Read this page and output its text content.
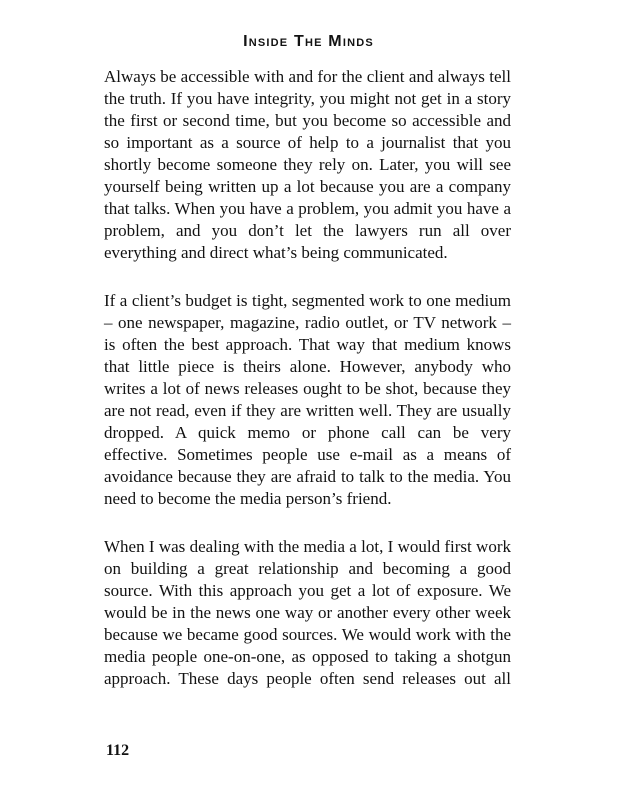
Inside The Minds
Always be accessible with and for the client and always tell
the truth. If you have integrity, you might not get in a story
the first or second time, but you become so accessible and
so important as a source of help to a journalist that you
shortly become someone they rely on. Later, you will see
yourself being written up a lot because you are a company
that talks. When you have a problem, you admit you have a
problem, and you don’t let the lawyers run all over
everything and direct what’s being communicated.
If a client’s budget is tight, segmented work to one medium
– one newspaper, magazine, radio outlet, or TV network –
is often the best approach. That way that medium knows
that little piece is theirs alone. However, anybody who
writes a lot of news releases ought to be shot, because they
are not read, even if they are written well. They are usually
dropped. A quick memo or phone call can be very
effective. Sometimes people use e-mail as a means of
avoidance because they are afraid to talk to the media. You
need to become the media person’s friend.
When I was dealing with the media a lot, I would first work
on building a great relationship and becoming a good
source. With this approach you get a lot of exposure. We
would be in the news one way or another every other week
because we became good sources. We would work with the
media people one-on-one, as opposed to taking a shotgun
approach. These days people often send releases out all
112
